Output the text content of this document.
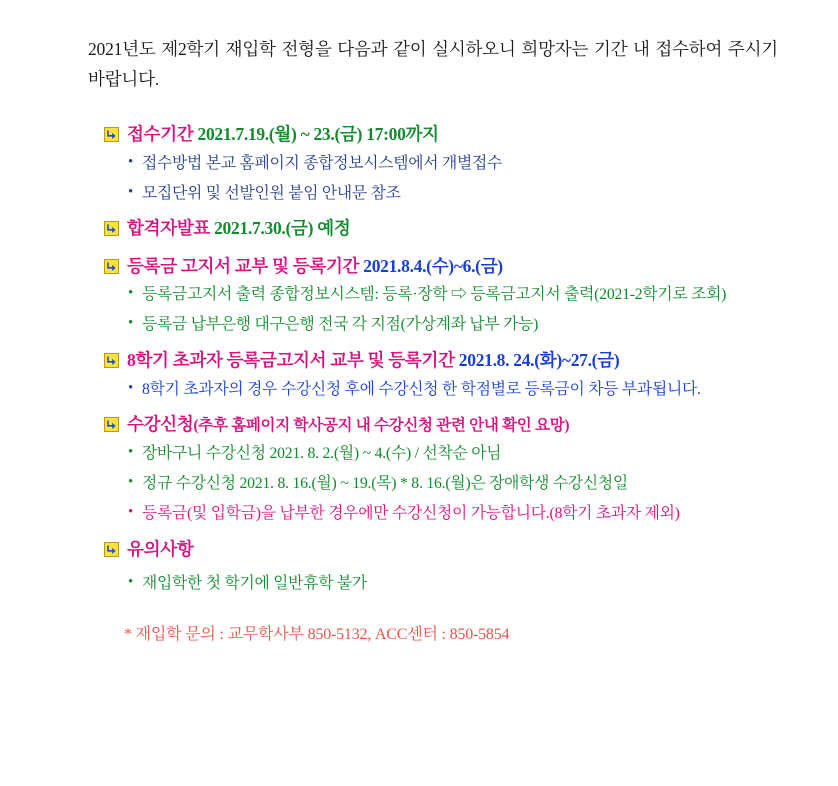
2021년도 제2학기 재입학 전형을 다음과 같이 실시하오니 희망자는 기간 내 접수하여 주시기 바랍니다.

접수기간 2021.7.19.(월) ~ 23.(금) 17:00까지
• 접수방법 본교 홈페이지 종합정보시스템에서 개별접수
• 모집단위 및 선발인원 붙임 안내문 참조
합격자발표 2021.7.30.(금) 예정
등록금 고지서 교부 및 등록기간 2021.8.4.(수)~6.(금)
• 등록금고지서 출력 종합정보시스템: 등록·장학 ⇨ 등록금고지서 출력(2021-2학기로 조회)
• 등록금 납부은행 대구은행 전국 각 지점(가상계좌 납부 가능)
8학기 초과자 등록금고지서 교부 및 등록기간 2021.8. 24.(화)~27.(금)
• 8학기 초과자의 경우 수강신청 후에 수강신청 한 학점별로 등록금이 차등 부과됩니다.
수강신청(추후 홈페이지 학사공지 내 수강신청 관련 안내 확인 요망)
• 장바구니 수강신청 2021. 8. 2.(월) ~ 4.(수) / 선착순 아님
• 정규 수강신청 2021. 8. 16.(월) ~ 19.(목) * 8. 16.(월)은 장애학생 수강신청일
• 등록금(및 입학금)을 납부한 경우에만 수강신청이 가능합니다.(8학기 초과자 제외)
유의사항
• 재입학한 첫 학기에 일반휴학 불가
* 재입학 문의 : 교무학사부 850-5132, ACC센터 : 850-5854
